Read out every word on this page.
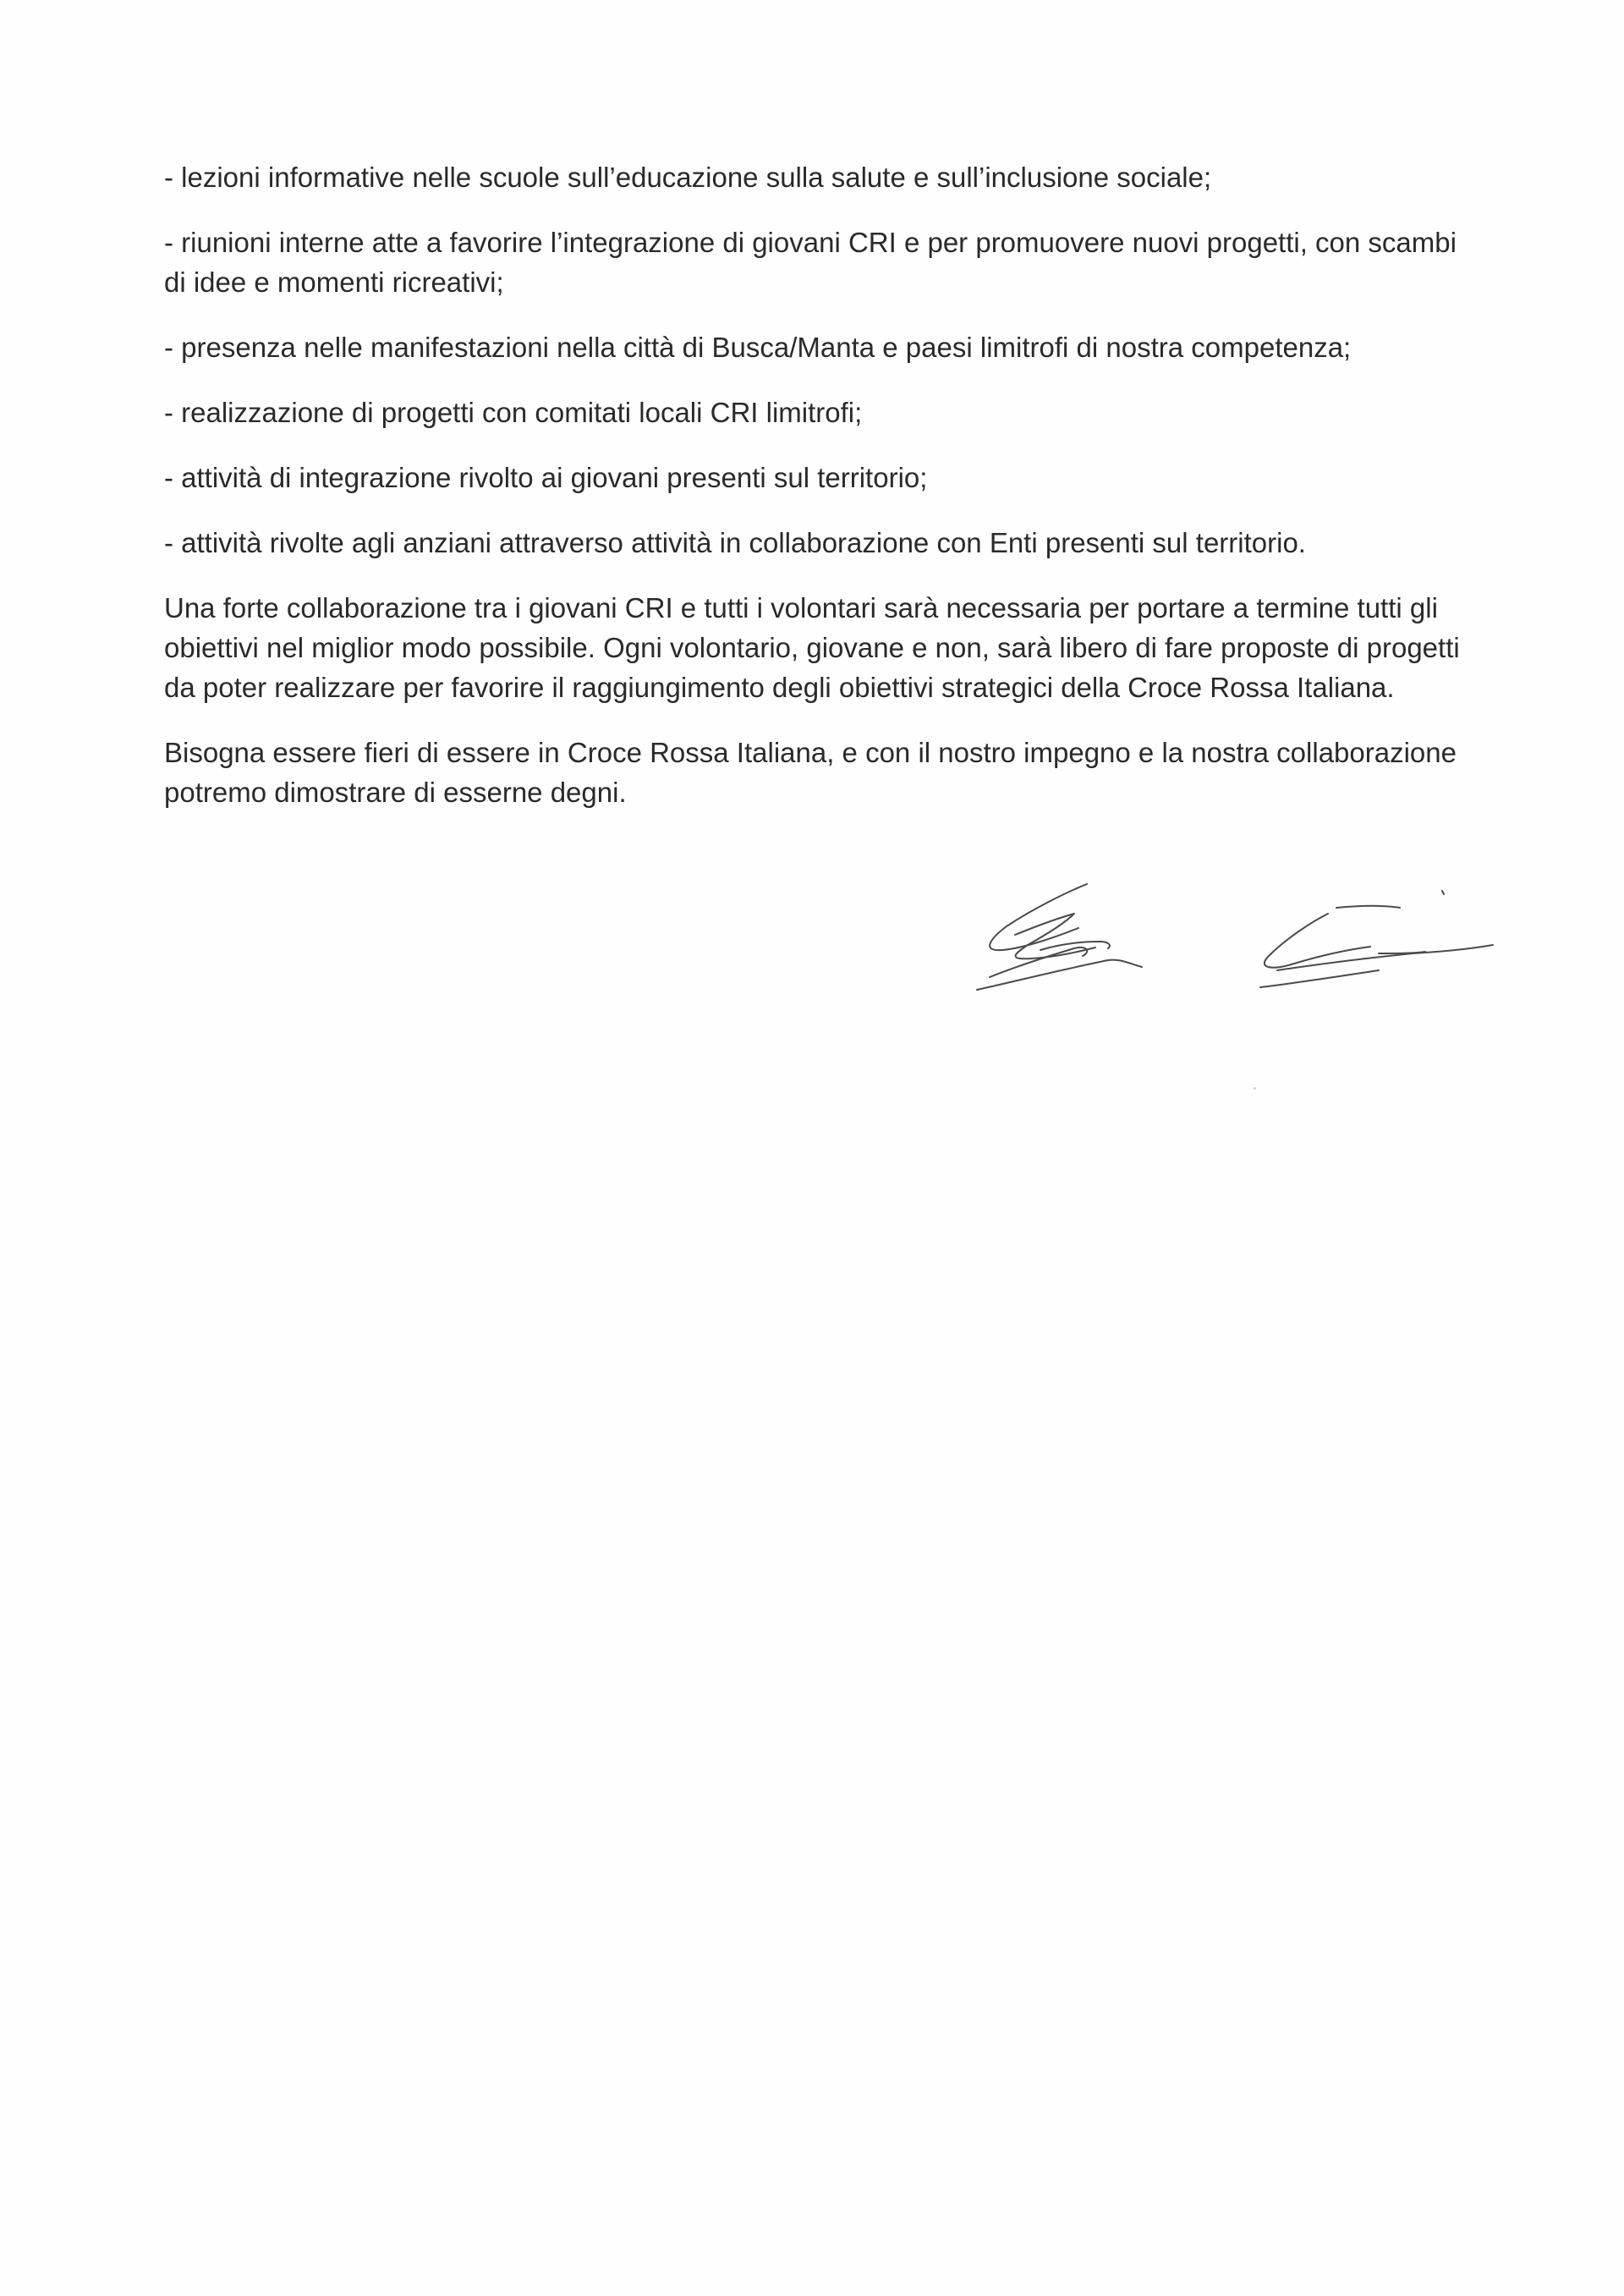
- lezioni informative nelle scuole sull’educazione sulla salute e sull’inclusione sociale;
- riunioni interne atte a favorire l’integrazione di giovani CRI e per promuovere nuovi progetti, con scambi di idee e momenti ricreativi;
- presenza nelle manifestazioni nella città di Busca/Manta e paesi limitrofi di nostra competenza;
- realizzazione di progetti con comitati locali CRI limitrofi;
- attività di integrazione rivolto ai giovani presenti sul territorio;
- attività rivolte agli anziani attraverso attività in collaborazione con Enti presenti sul territorio.
Una forte collaborazione tra i giovani CRI e tutti i volontari sarà necessaria per portare a termine tutti gli obiettivi nel miglior modo possibile. Ogni volontario, giovane e non, sarà libero di fare proposte di progetti da poter realizzare per favorire il raggiungimento degli obiettivi strategici della Croce Rossa Italiana.
Bisogna essere fieri di essere in Croce Rossa Italiana, e con il nostro impegno e la nostra collaborazione potremo dimostrare di esserne degni.
